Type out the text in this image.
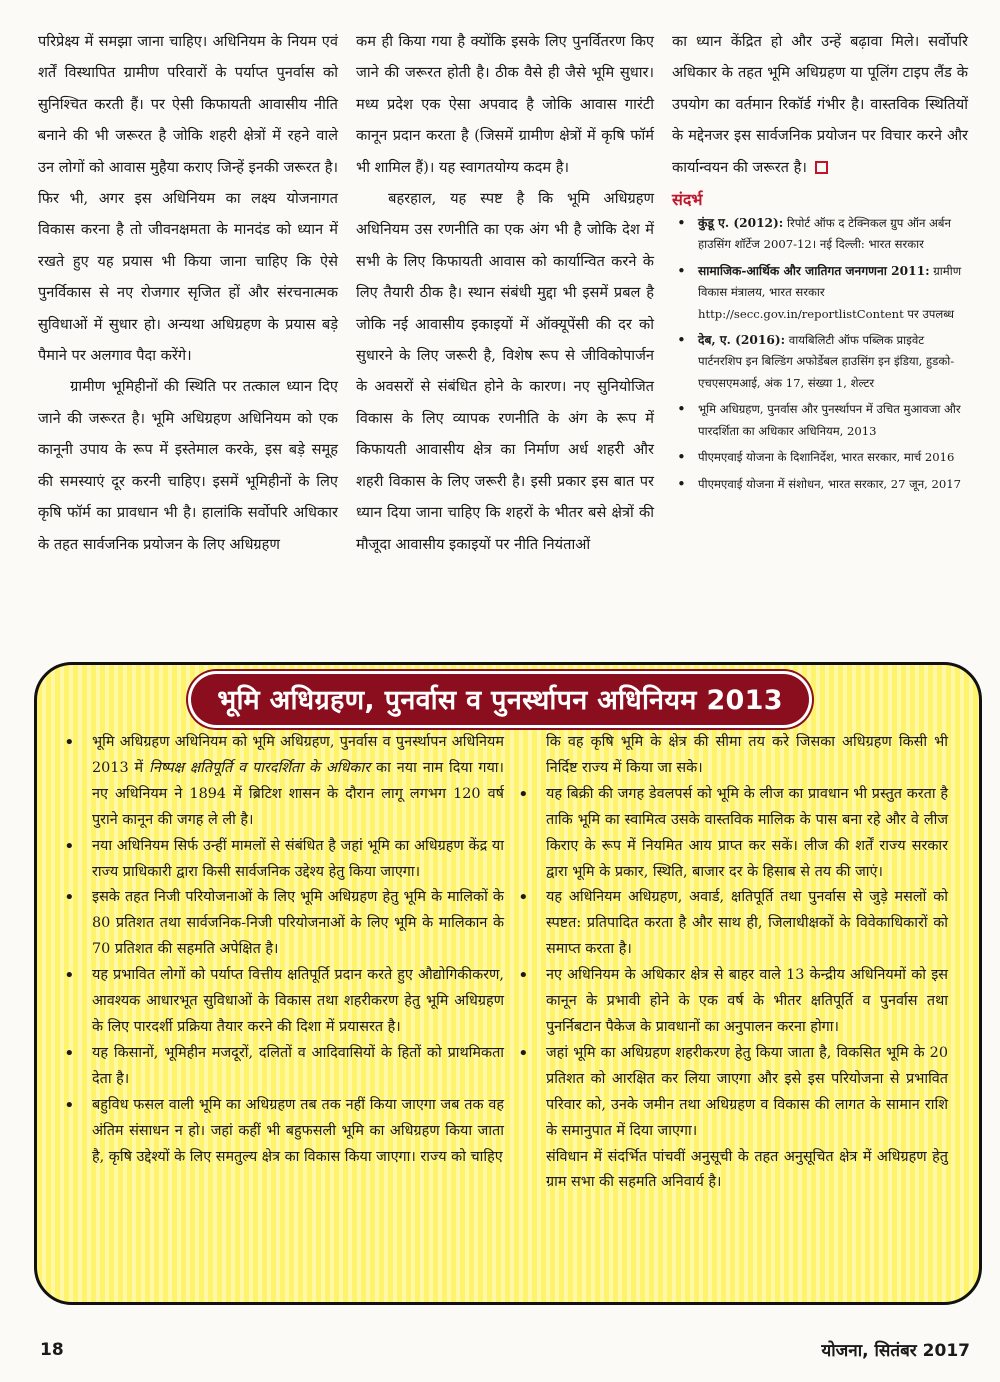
परिप्रेक्ष्य में समझा जाना चाहिए। अधिनियम के नियम एवं शर्तें विस्थापित ग्रामीण परिवारों के पर्याप्त पुनर्वास को सुनिश्चित करती हैं। पर ऐसी किफायती आवासीय नीति बनाने की भी जरूरत है जोकि शहरी क्षेत्रों में रहने वाले उन लोगों को आवास मुहैया कराए जिन्हें इनकी जरूरत है। फिर भी, अगर इस अधिनियम का लक्ष्य योजनागत विकास करना है तो जीवनक्षमता के मानदंड को ध्यान में रखते हुए यह प्रयास भी किया जाना चाहिए कि ऐसे पुनर्विकास से नए रोजगार सृजित हों और संरचनात्मक सुविधाओं में सुधार हो। अन्यथा अधिग्रहण के प्रयास बड़े पैमाने पर अलगाव पैदा करेंगे।

ग्रामीण भूमिहीनों की स्थिति पर तत्काल ध्यान दिए जाने की जरूरत है। भूमि अधिग्रहण अधिनियम को एक कानूनी उपाय के रूप में इस्तेमाल करके, इस बड़े समूह की समस्याएं दूर करनी चाहिए। इसमें भूमिहीनों के लिए कृषि फॉर्म का प्रावधान भी है। हालांकि सर्वोपरि अधिकार के तहत सार्वजनिक प्रयोजन के लिए अधिग्रहण

कम ही किया गया है क्योंकि इसके लिए पुनर्वितरण किए जाने की जरूरत होती है। ठीक वैसे ही जैसे भूमि सुधार। मध्य प्रदेश एक ऐसा अपवाद है जोकि आवास गारंटी कानून प्रदान करता है (जिसमें ग्रामीण क्षेत्रों में कृषि फॉर्म भी शामिल हैं)। यह स्वागतयोग्य कदम है।

बहरहाल, यह स्पष्ट है कि भूमि अधिग्रहण अधिनियम उस रणनीति का एक अंग भी है जोकि देश में सभी के लिए किफायती आवास को कार्यान्वित करने के लिए तैयारी ठीक है। स्थान संबंधी मुद्दा भी इसमें प्रबल है जोकि नई आवासीय इकाइयों में ऑक्यूपेंसी की दर को सुधारने के लिए जरूरी है, विशेष रूप से जीविकोपार्जन के अवसरों से संबंधित होने के कारण। नए सुनियोजित विकास के लिए व्यापक रणनीति के अंग के रूप में किफायती आवासीय क्षेत्र का निर्माण अर्ध शहरी और शहरी विकास के लिए जरूरी है। इसी प्रकार इस बात पर ध्यान दिया जाना चाहिए कि शहरों के भीतर बसे क्षेत्रों की मौजूदा आवासीय इकाइयों पर नीति नियंताओं

का ध्यान केंद्रित हो और उन्हें बढ़ावा मिले। सर्वोपरि अधिकार के तहत भूमि अधिग्रहण या पूलिंग टाइप लैंड के उपयोग का वर्तमान रिकॉर्ड गंभीर है। वास्तविक स्थितियों के मद्देनजर इस सार्वजनिक प्रयोजन पर विचार करने और कार्यान्वयन की जरूरत है।

संदर्भ
• कुंडू ए. (2012): रिपोर्ट ऑफ द टेक्निकल ग्रुप ऑन अर्बन हाउसिंग शॉर्टेज 2007-12। नई दिल्ली: भारत सरकार
• सामाजिक-आर्थिक और जातिगत जनगणना 2011: ग्रामीण विकास मंत्रालय, भारत सरकार http://secc.gov.in/reportlistContent पर उपलब्ध
• देब, ए. (2016): वायबिलिटी ऑफ पब्लिक प्राइवेट पार्टनरशिप इन बिल्डिंग अफोर्डेबल हाउसिंग इन इंडिया, हुडको-एचएसएमआई, अंक 17, संख्या 1, शेल्टर
• भूमि अधिग्रहण, पुनर्वास और पुनर्स्थापन में उचित मुआवजा और पारदर्शिता का अधिकार अधिनियम, 2013
• पीएमएवाई योजना के दिशानिर्देश, भारत सरकार, मार्च 2016
• पीएमएवाई योजना में संशोधन, भारत सरकार, 27 जून, 2017
भूमि अधिग्रहण, पुनर्वास व पुनर्स्थापन अधिनियम 2013
• भूमि अधिग्रहण अधिनियम को भूमि अधिग्रहण, पुनर्वास व पुनर्स्थापन अधिनियम 2013 में निष्पक्ष क्षतिपूर्ति व पारदर्शिता के अधिकार का नया नाम दिया गया। नए अधिनियम ने 1894 में ब्रिटिश शासन के दौरान लागू लगभग 120 वर्ष पुराने कानून की जगह ले ली है।
• नया अधिनियम सिर्फ उन्हीं मामलों से संबंधित है जहां भूमि का अधिग्रहण केंद्र या राज्य प्राधिकारी द्वारा किसी सार्वजनिक उद्देश्य हेतु किया जाएगा।
• इसके तहत निजी परियोजनाओं के लिए भूमि अधिग्रहण हेतु भूमि के मालिकों के 80 प्रतिशत तथा सार्वजनिक-निजी परियोजनाओं के लिए भूमि के मालिकान के 70 प्रतिशत की सहमति अपेक्षित है।
• यह प्रभावित लोगों को पर्याप्त वित्तीय क्षतिपूर्ति प्रदान करते हुए औद्योगिकीकरण, आवश्यक आधारभूत सुविधाओं के विकास तथा शहरीकरण हेतु भूमि अधिग्रहण के लिए पारदर्शी प्रक्रिया तैयार करने की दिशा में प्रयासरत है।
• यह किसानों, भूमिहीन मजदूरों, दलितों व आदिवासियों के हितों को प्राथमिकता देता है।
• बहुविध फसल वाली भूमि का अधिग्रहण तब तक नहीं किया जाएगा जब तक वह अंतिम संसाधन न हो। जहां कहीं भी बहुफसली भूमि का अधिग्रहण किया जाता है, कृषि उद्देश्यों के लिए समतुल्य क्षेत्र का विकास किया जाएगा। राज्य को चाहिए
कि वह कृषि भूमि के क्षेत्र की सीमा तय करे जिसका अधिग्रहण किसी भी निर्दिष्ट राज्य में किया जा सके।
• यह बिक्री की जगह डेवलपर्स को भूमि के लीज का प्रावधान भी प्रस्तुत करता है ताकि भूमि का स्वामित्व उसके वास्तविक मालिक के पास बना रहे और वे लीज किराए के रूप में नियमित आय प्राप्त कर सकें। लीज की शर्तें राज्य सरकार द्वारा भूमि के प्रकार, स्थिति, बाजार दर के हिसाब से तय की जाएं।
• यह अधिनियम अधिग्रहण, अवार्ड, क्षतिपूर्ति तथा पुनर्वास से जुड़े मसलों को स्पष्टत: प्रतिपादित करता है और साथ ही, जिलाधीक्षकों के विवेकाधिकारों को समाप्त करता है।
• नए अधिनियम के अधिकार क्षेत्र से बाहर वाले 13 केन्द्रीय अधिनियमों को इस कानून के प्रभावी होने के एक वर्ष के भीतर क्षतिपूर्ति व पुनर्वास तथा पुनर्निबटान पैकेज के प्रावधानों का अनुपालन करना होगा।
• जहां भूमि का अधिग्रहण शहरीकरण हेतु किया जाता है, विकसित भूमि के 20 प्रतिशत को आरक्षित कर लिया जाएगा और इसे इस परियोजना से प्रभावित परिवार को, उनके जमीन तथा अधिग्रहण व विकास की लागत के सामान राशि के समानुपात में दिया जाएगा।
संविधान में संदर्भित पांचवीं अनुसूची के तहत अनुसूचित क्षेत्र में अधिग्रहण हेतु ग्राम सभा की सहमति अनिवार्य है।
18	योजना, सितंबर 2017
